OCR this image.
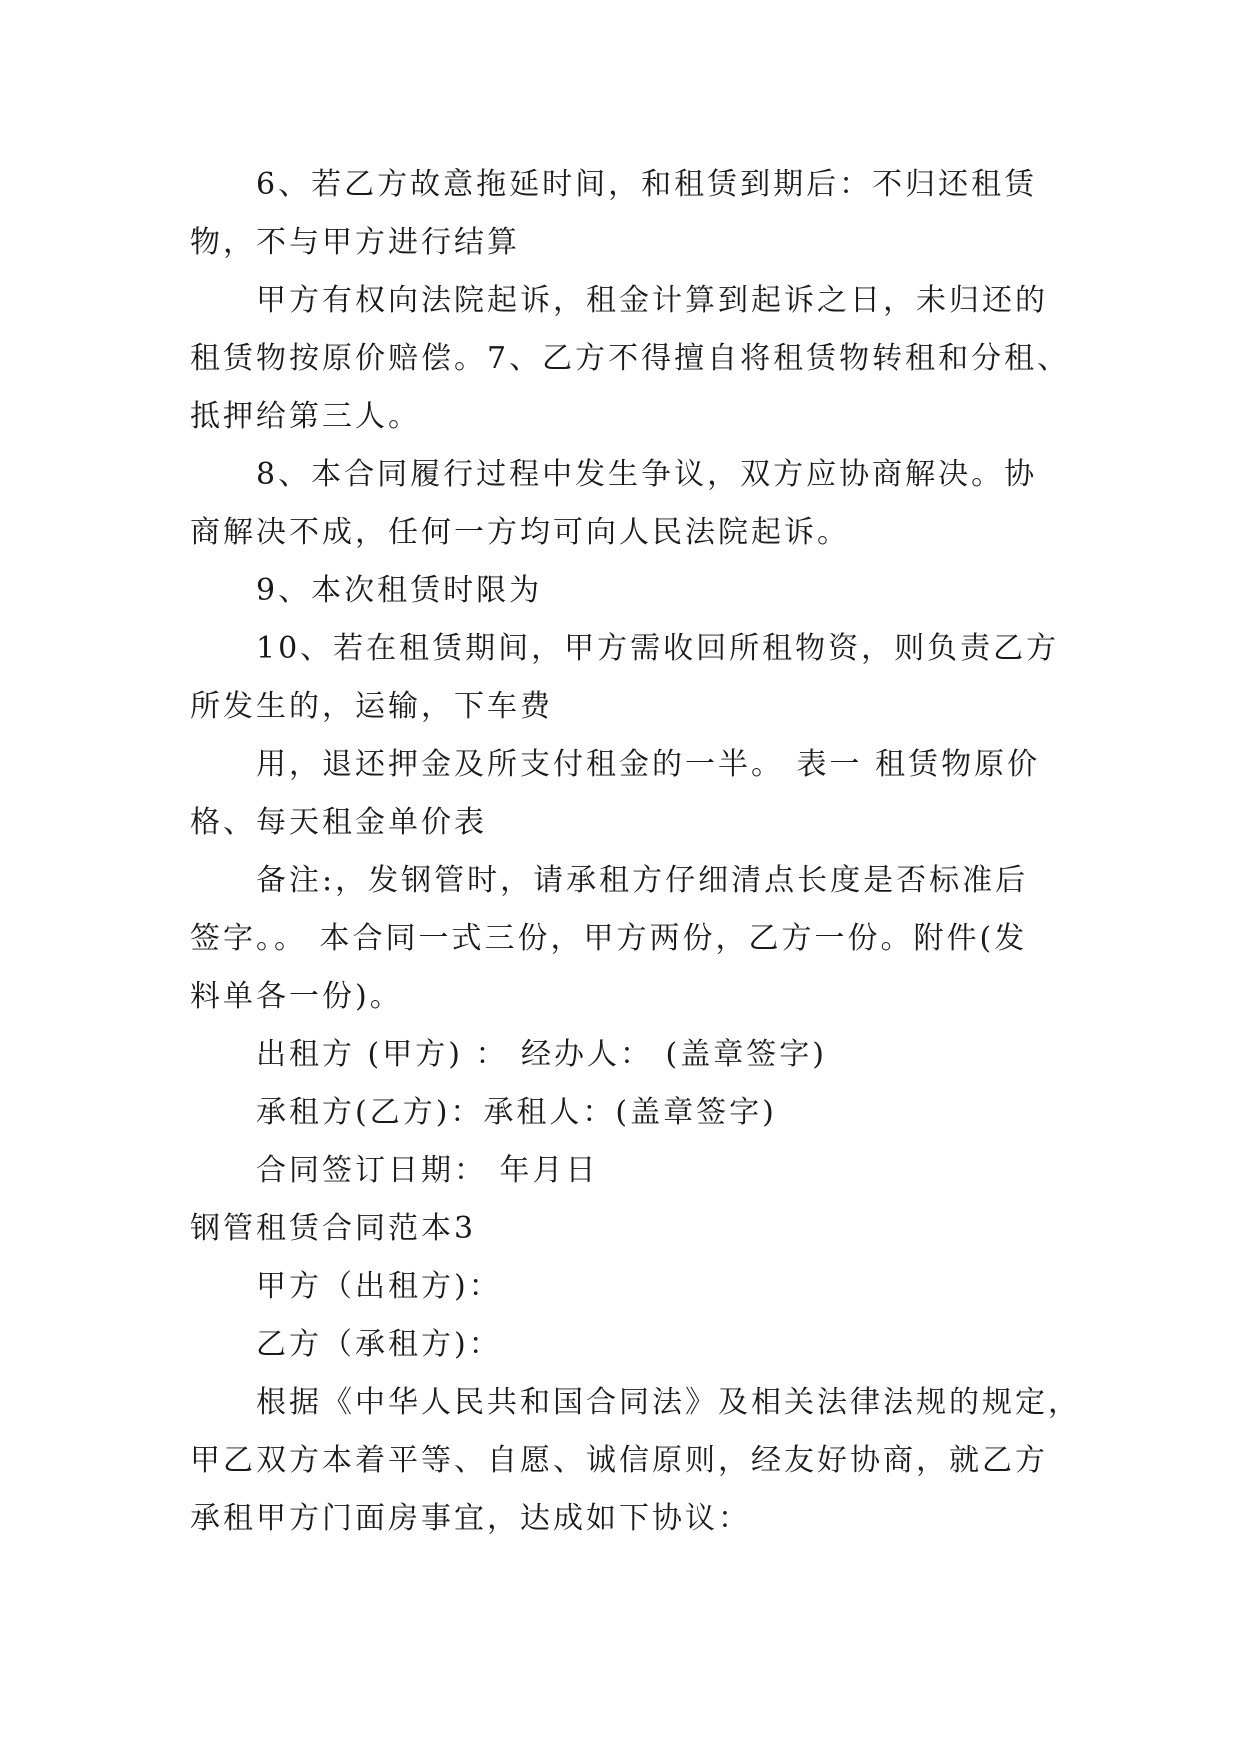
6、若乙方故意拖延时间，和租赁到期后：不归还租赁
物，不与甲方进行结算
甲方有权向法院起诉，租金计算到起诉之日，未归还的
租赁物按原价赔偿。7、乙方不得擅自将租赁物转租和分租、
抵押给第三人。
8、本合同履行过程中发生争议，双方应协商解决。协
商解决不成，任何一方均可向人民法院起诉。
9、本次租赁时限为
10、若在租赁期间，甲方需收回所租物资，则负责乙方
所发生的，运输，下车费
用，退还押金及所支付租金的一半。 表一 租赁物原价
格、每天租金单价表
备注:，发钢管时，请承租方仔细清点长度是否标准后
签字。。 本合同一式三份，甲方两份，乙方一份。附件(发
料单各一份)。
出租方 (甲方) ： 经办人： (盖章签字)
承租方(乙方)：承租人：(盖章签字)
合同签订日期： 年月日
钢管租赁合同范本3
甲方（出租方)：
乙方（承租方)：
根据《中华人民共和国合同法》及相关法律法规的规定，
甲乙双方本着平等、自愿、诚信原则，经友好协商，就乙方
承租甲方门面房事宜，达成如下协议：
